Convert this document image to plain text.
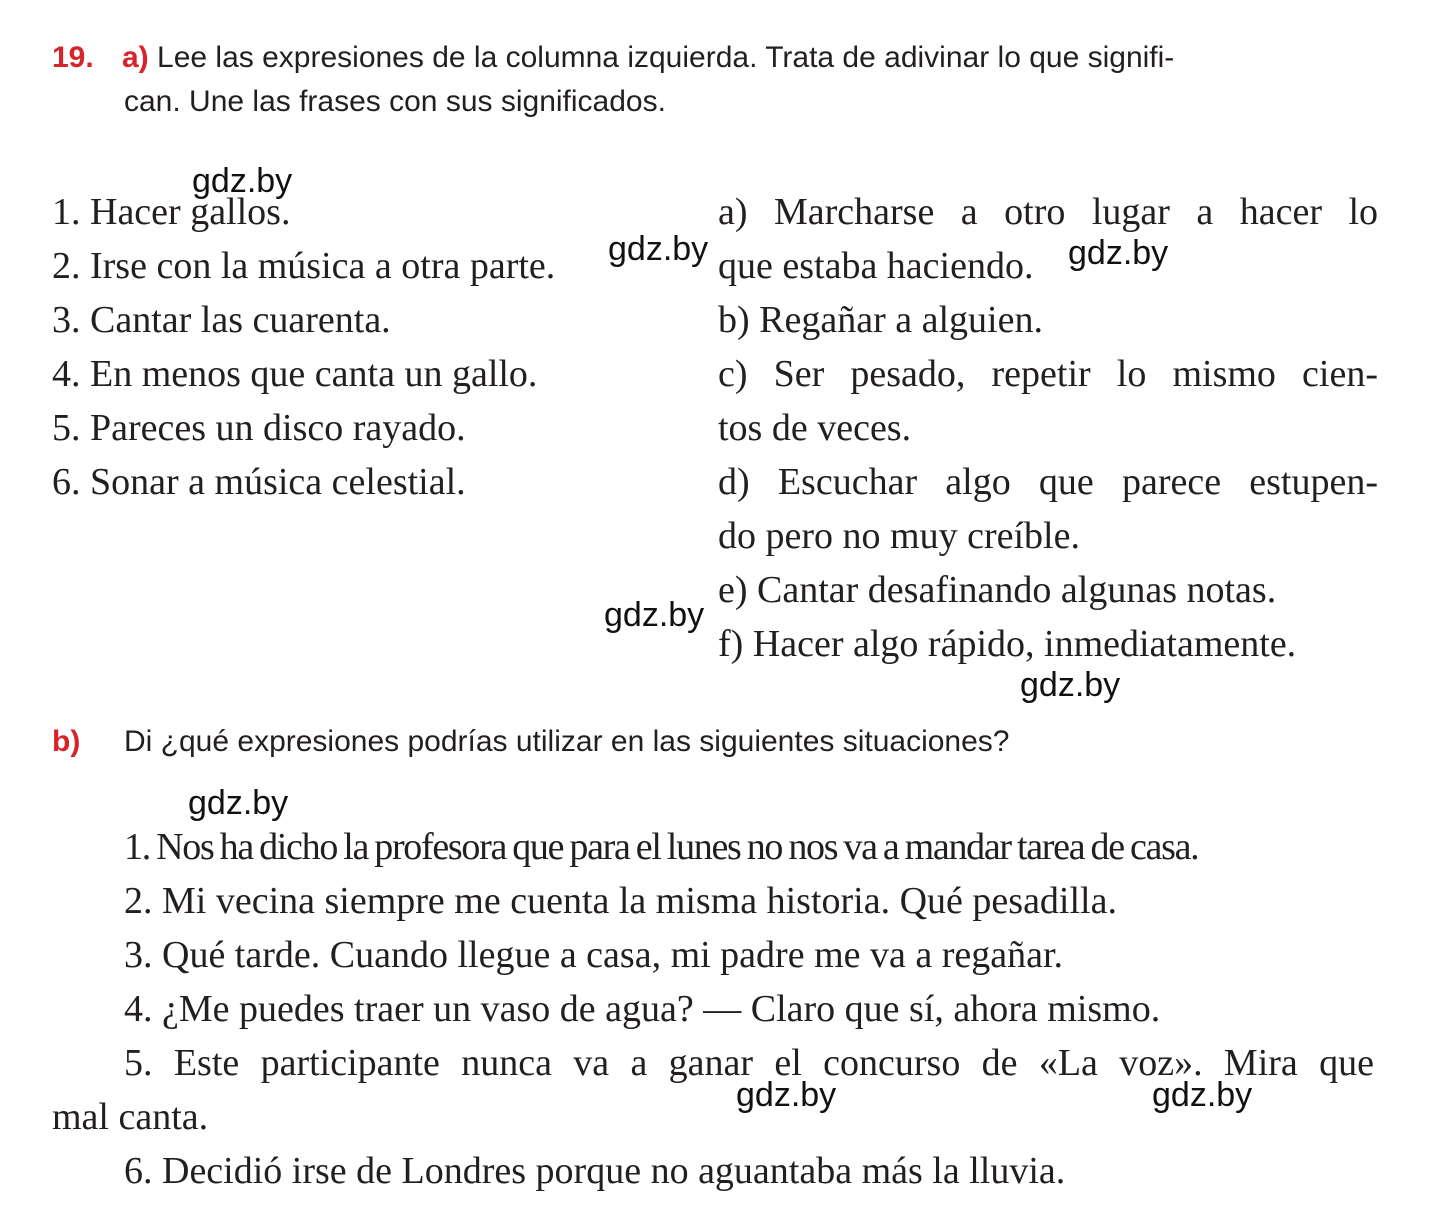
19. a) Lee las expresiones de la columna izquierda. Trata de adivinar lo que signifi-
can. Une las frases con sus significados.
1. Hacer gallos.
2. Irse con la música a otra parte.
3. Cantar las cuarenta.
4. En menos que canta un gallo.
5. Pareces un disco rayado.
6. Sonar a música celestial.
a) Marcharse a otro lugar a hacer lo
que estaba haciendo.
b) Regañar a alguien.
c) Ser pesado, repetir lo mismo cien-
tos de veces.
d) Escuchar algo que parece estupen-
do pero no muy creíble.
e) Cantar desafinando algunas notas.
f) Hacer algo rápido, inmediatamente.
b) Di ¿qué expresiones podrías utilizar en las siguientes situaciones?
1. Nos ha dicho la profesora que para el lunes no nos va a mandar tarea de casa.
2. Mi vecina siempre me cuenta la misma historia. Qué pesadilla.
3. Qué tarde. Cuando llegue a casa, mi padre me va a regañar.
4. ¿Me puedes traer un vaso de agua? — Claro que sí, ahora mismo.
5. Este participante nunca va a ganar el concurso de «La voz». Mira que
mal canta.
6. Decidió irse de Londres porque no aguantaba más la lluvia.
gdz.by
gdz.by	gdz.by
gdz.by
gdz.by
gdz.by
gdz.by	gdz.by
